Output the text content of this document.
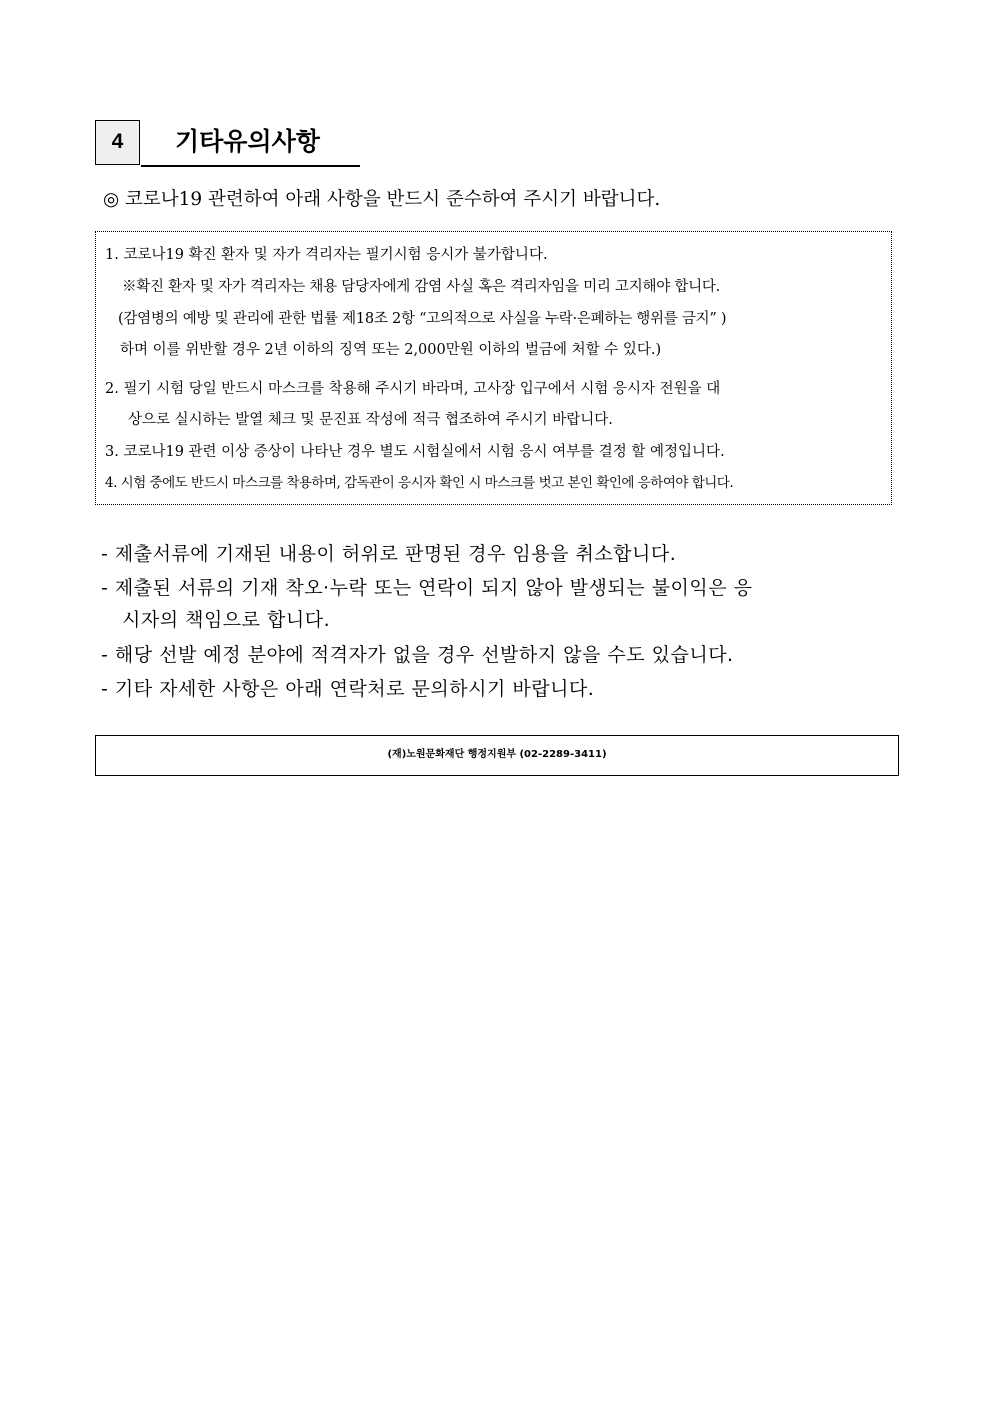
4	기타유의사항
◎ 코로나19 관련하여 아래 사항을 반드시 준수하여 주시기 바랍니다.
1. 코로나19 확진 환자 및 자가 격리자는 필기시험 응시가 불가합니다.
※확진 환자 및 자가 격리자는 채용 담당자에게 감염 사실 혹은 격리자임을 미리 고지해야 합니다.
(감염병의 예방 및 관리에 관한 법률 제18조 2항 “고의적으로 사실을 누락·은폐하는 행위를 금지” )
하며 이를 위반할 경우 2년 이하의 징역 또는 2,000만원 이하의 벌금에 처할 수 있다.)
2. 필기 시험 당일 반드시 마스크를 착용해 주시기 바라며, 고사장 입구에서 시험 응시자 전원을 대
상으로 실시하는 발열 체크 및 문진표 작성에 적극 협조하여 주시기 바랍니다.
3. 코로나19 관련 이상 증상이 나타난 경우 별도 시험실에서 시험 응시 여부를 결정 할 예정입니다.
4. 시험 중에도 반드시 마스크를 착용하며, 감독관이 응시자 확인 시 마스크를 벗고 본인 확인에 응하여야 합니다.
- 제출서류에 기재된 내용이 허위로 판명된 경우 임용을 취소합니다.
- 제출된 서류의 기재 착오·누락 또는 연락이 되지 않아 발생되는 불이익은 응
시자의 책임으로 합니다.
- 해당 선발 예정 분야에 적격자가 없을 경우 선발하지 않을 수도 있습니다.
- 기타 자세한 사항은 아래 연락처로 문의하시기 바랍니다.
(재)노원문화재단 행정지원부 (02-2289-3411)
